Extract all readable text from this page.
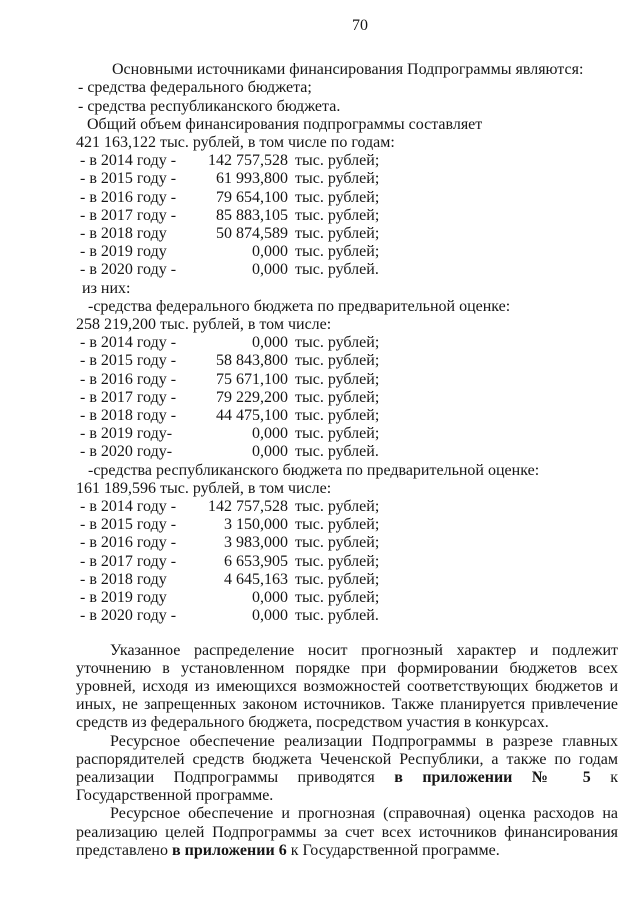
70
Основными источниками финансирования Подпрограммы являются:
- средства федерального бюджета;
- средства республиканского бюджета.
Общий объем финансирования подпрограммы составляет
421 163,122 тыс. рублей, в том числе по годам:
- в 2014 году -	142 757,528 тыс. рублей;
- в 2015 году -	61 993,800 тыс. рублей;
- в 2016 году -	79 654,100 тыс. рублей;
- в 2017 году -	85 883,105 тыс. рублей;
- в 2018 году	50 874,589 тыс. рублей;
- в 2019 году	0,000 тыс. рублей;
- в 2020 году -	0,000 тыс. рублей.
из них:
-средства федерального бюджета по предварительной оценке:
258 219,200 тыс. рублей, в том числе:
- в 2014 году -	0,000 тыс. рублей;
- в 2015 году -	58 843,800 тыс. рублей;
- в 2016 году -	75 671,100 тыс. рублей;
- в 2017 году -	79 229,200 тыс. рублей;
- в 2018 году -	44 475,100 тыс. рублей;
- в 2019 году-	0,000 тыс. рублей;
- в 2020 году-	0,000 тыс. рублей.
-средства республиканского бюджета по предварительной оценке:
161 189,596 тыс. рублей, в том числе:
- в 2014 году -	142 757,528 тыс. рублей;
- в 2015 году -	3 150,000 тыс. рублей;
- в 2016 году -	3 983,000 тыс. рублей;
- в 2017 году -	6 653,905 тыс. рублей;
- в 2018 году	4 645,163 тыс. рублей;
- в 2019 году	0,000 тыс. рублей;
- в 2020 году -	0,000 тыс. рублей.
Указанное распределение носит прогнозный характер и подлежит
уточнению в установленном порядке при формировании бюджетов всех
уровней, исходя из имеющихся возможностей соответствующих бюджетов и
иных, не запрещенных законом источников. Также планируется привлечение
средств из федерального бюджета, посредством участия в конкурсах.
Ресурсное обеспечение реализации Подпрограммы в разрезе главных
распорядителей средств бюджета Чеченской Республики, а также по годам
реализации Подпрограммы приводятся в приложении № 5 к
Государственной программе.
Ресурсное обеспечение и прогнозная (справочная) оценка расходов на
реализацию целей Подпрограммы за счет всех источников финансирования
представлено в приложении 6 к Государственной программе.
